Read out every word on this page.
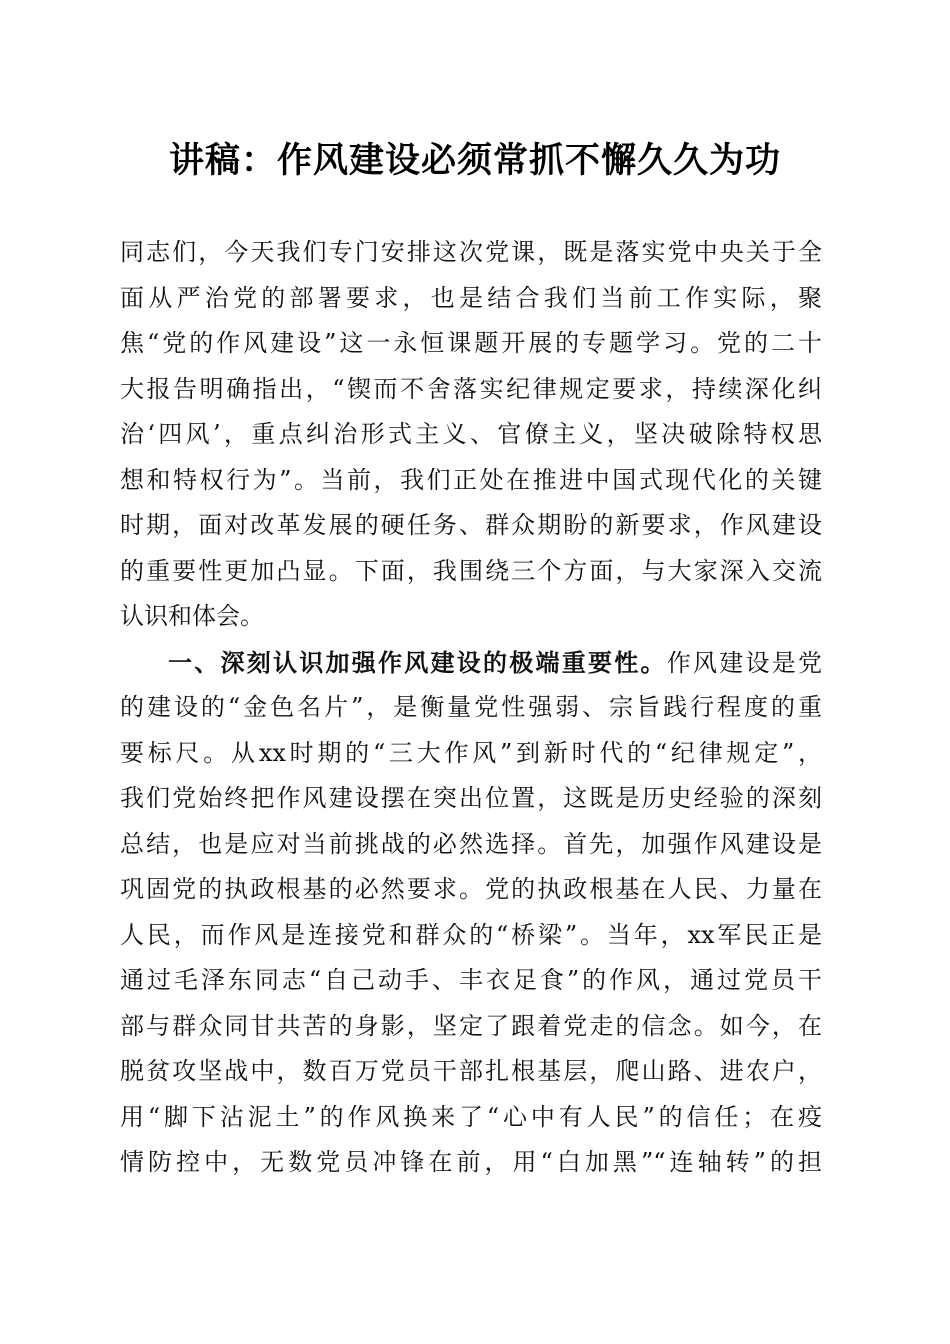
讲稿：作风建设必须常抓不懈久久为功
同志们，今天我们专门安排这次党课，既是落实党中央关于全
面从严治党的部署要求，也是结合我们当前工作实际，聚
焦“党的作风建设”这一永恒课题开展的专题学习。党的二十
大报告明确指出，“锲而不舍落实纪律规定要求，持续深化纠
治‘四风’，重点纠治形式主义、官僚主义，坚决破除特权思
想和特权行为”。当前，我们正处在推进中国式现代化的关键
时期，面对改革发展的硬任务、群众期盼的新要求，作风建设
的重要性更加凸显。下面，我围绕三个方面，与大家深入交流
认识和体会。
一、深刻认识加强作风建设的极端重要性。作风建设是党
的建设的“金色名片”，是衡量党性强弱、宗旨践行程度的重
要标尺。从xx时期的“三大作风”到新时代的“纪律规定”，
我们党始终把作风建设摆在突出位置，这既是历史经验的深刻
总结，也是应对当前挑战的必然选择。首先，加强作风建设是
巩固党的执政根基的必然要求。党的执政根基在人民、力量在
人民，而作风是连接党和群众的“桥梁”。当年，xx军民正是
通过毛泽东同志“自己动手、丰衣足食”的作风，通过党员干
部与群众同甘共苦的身影，坚定了跟着党走的信念。如今，在
脱贫攻坚战中，数百万党员干部扎根基层，爬山路、进农户，
用“脚下沾泥土”的作风换来了“心中有人民”的信任；在疫
情防控中，无数党员冲锋在前，用“白加黑”“连轴转”的担
